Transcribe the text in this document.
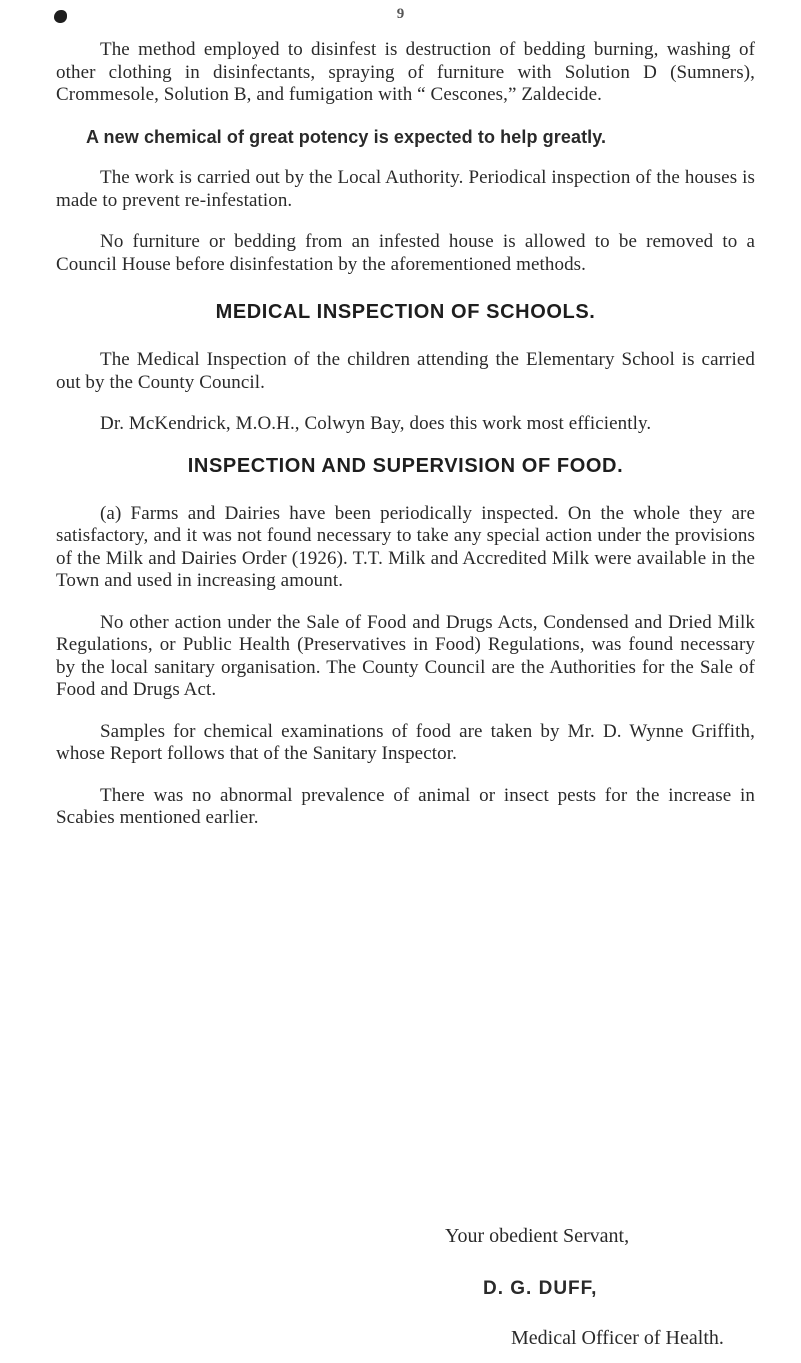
9

The method employed to disinfest is destruction of bedding burning, washing of other clothing in disinfectants, spraying of furniture with Solution D (Sumners), Crommesole, Solution B, and fumigation with “ Cescones,” Zaldecide.

A new chemical of great potency is expected to help greatly.

The work is carried out by the Local Authority. Periodical inspection of the houses is made to prevent re-infestation.

No furniture or bedding from an infested house is allowed to be removed to a Council House before disinfestation by the aforementioned methods.

MEDICAL INSPECTION OF SCHOOLS.

The Medical Inspection of the children attending the Elementary School is carried out by the County Council.

Dr. McKendrick, M.O.H., Colwyn Bay, does this work most efficiently.

INSPECTION AND SUPERVISION OF FOOD.

(a) Farms and Dairies have been periodically inspected. On the whole they are satisfactory, and it was not found necessary to take any special action under the provisions of the Milk and Dairies Order (1926). T.T. Milk and Accredited Milk were available in the Town and used in increasing amount.

No other action under the Sale of Food and Drugs Acts, Condensed and Dried Milk Regulations, or Public Health (Preservatives in Food) Regulations, was found necessary by the local sanitary organisation. The County Council are the Authorities for the Sale of Food and Drugs Act.

Samples for chemical examinations of food are taken by Mr. D. Wynne Griffith, whose Report follows that of the Sanitary Inspector.

There was no abnormal prevalence of animal or insect pests for the increase in Scabies mentioned earlier.

Your obedient Servant,
D. G. DUFF,
Medical Officer of Health.
